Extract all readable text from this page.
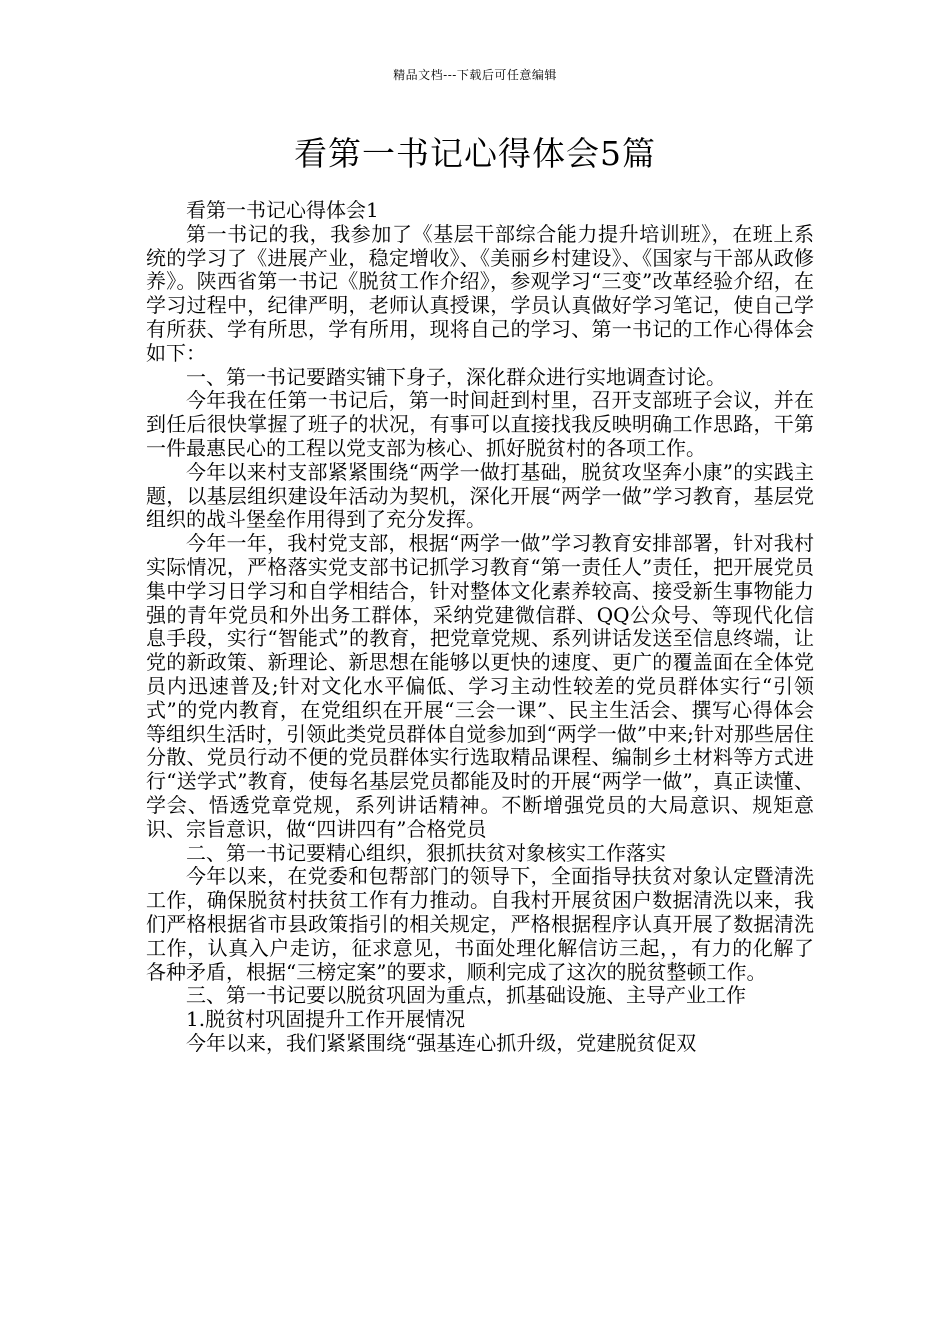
精品文档---下载后可任意编辑
看第一书记心得体会5篇

看第一书记心得体会1

第一书记的我，我参加了《基层干部综合能力提升培训班》，在班上系统的学习了《进展产业，稳定增收》、《美丽乡村建设》、《国家与干部从政修养》。陕西省第一书记《脱贫工作介绍》，参观学习“三变”改革经验介绍，在学习过程中，纪律严明，老师认真授课，学员认真做好学习笔记，使自己学有所获、学有所思，学有所用，现将自己的学习、第一书记的工作心得体会如下：

一、第一书记要踏实铺下身子，深化群众进行实地调查讨论。

今年我在任第一书记后，第一时间赶到村里，召开支部班子会议，并在到任后很快掌握了班子的状况，有事可以直接找我反映明确工作思路，干第一件最惠民心的工程以党支部为核心、抓好脱贫村的各项工作。

今年以来村支部紧紧围绕“两学一做打基础，脱贫攻坚奔小康”的实践主题，以基层组织建设年活动为契机，深化开展“两学一做”学习教育，基层党组织的战斗堡垒作用得到了充分发挥。

今年一年，我村党支部，根据“两学一做”学习教育安排部署，针对我村实际情况，严格落实党支部书记抓学习教育“第一责任人”责任，把开展党员集中学习日学习和自学相结合，针对整体文化素养较高、接受新生事物能力强的青年党员和外出务工群体，采纳党建微信群、QQ公众号、等现代化信息手段，实行“智能式”的教育，把党章党规、系列讲话发送至信息终端，让党的新政策、新理论、新思想在能够以更快的速度、更广的覆盖面在全体党员内迅速普及;针对文化水平偏低、学习主动性较差的党员群体实行“引领式”的党内教育，在党组织在开展“三会一课”、民主生活会、撰写心得体会等组织生活时，引领此类党员群体自觉参加到“两学一做”中来;针对那些居住分散、党员行动不便的党员群体实行选取精品课程、编制乡土材料等方式进行“送学式”教育，使每名基层党员都能及时的开展“两学一做”，真正读懂、学会、悟透党章党规，系列讲话精神。不断增强党员的大局意识、规矩意识、宗旨意识，做“四讲四有”合格党员

二、第一书记要精心组织，狠抓扶贫对象核实工作落实

今年以来，在党委和包帮部门的领导下，全面指导扶贫对象认定暨清洗工作，确保脱贫村扶贫工作有力推动。自我村开展贫困户数据清洗以来，我们严格根据省市县政策指引的相关规定，严格根据程序认真开展了数据清洗工作，认真入户走访，征求意见，书面处理化解信访三起，，有力的化解了各种矛盾，根据“三榜定案”的要求，顺利完成了这次的脱贫整顿工作。

三、第一书记要以脱贫巩固为重点，抓基础设施、主导产业工作

1.脱贫村巩固提升工作开展情况

今年以来，我们紧紧围绕“强基连心抓升级，党建脱贫促双
